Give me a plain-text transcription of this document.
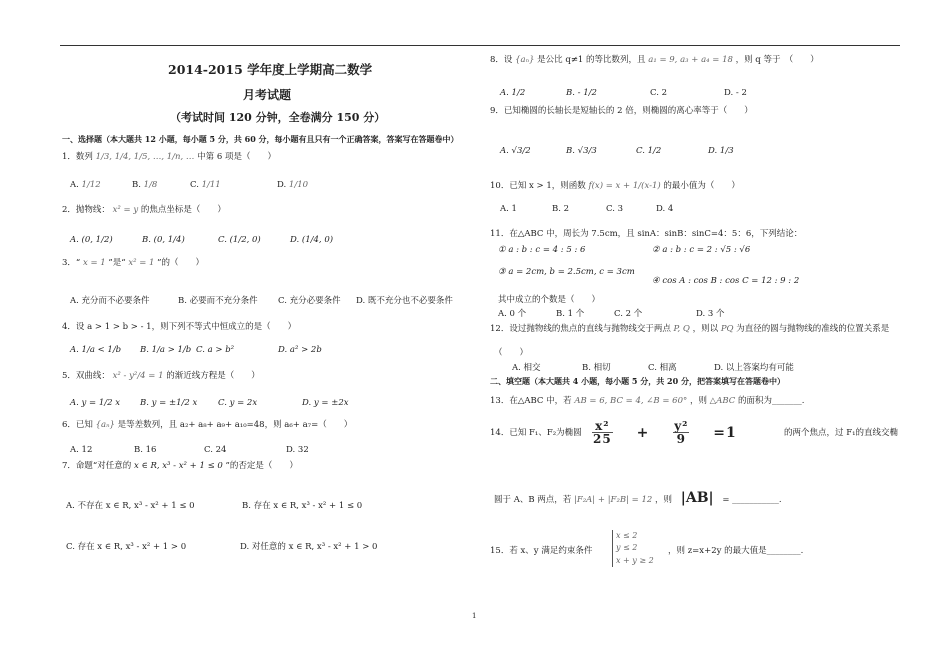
2014-2015 学年度上学期高二数学
月考试题
（考试时间 120 分钟，全卷满分 150 分）
一、选择题（本大题共 12 小题，每小题 5 分，共 60 分，每小题有且只有一个正确答案，答案写在答题卷中）
1．数列 1/3, 1/4, 1/5, …, 1/n, … 中第 6 项是（　　）
A. 1/12	B. 1/8	C. 1/11	D. 1/10
2．抛物线： x² = y 的焦点坐标是（　　）
A. (0, 1/2)	B. (0, 1/4)	C. (1/2, 0)	D. (1/4, 0)
3．“ x = 1 ”是“ x² = 1 ”的（　　）
A. 充分而不必要条件	B. 必要而不充分条件 C. 充分必要条件 D. 既不充分也不必要条件
4．设 a > 1 > b > - 1，则下列不等式中恒成立的是（　　）
A. 1/a < 1/b B. 1/a > 1/b C. a > b²	D. a² > 2b
5．双曲线： x² - y²/4 = 1 的渐近线方程是（　　）
A. y = 1/2 x B. y = ±1/2 x C. y = 2x	D. y = ±2x
6．已知 {aₙ} 是等差数列，且 a₂+ a₈+ a₉+ a₁₀=48，则 a₆+ a₇=（　　）
A. 12	B. 16	C. 24	D. 32
7．命题“对任意的 x ∈ R, x³ - x² + 1 ≤ 0 ”的否定是（　　）
A. 不存在 x ∈ R, x³ - x² + 1 ≤ 0	B. 存在 x ∈ R, x³ - x² + 1 ≤ 0
C. 存在 x ∈ R, x³ - x² + 1 > 0	D. 对任意的 x ∈ R, x³ - x² + 1 > 0
8．设 {aₙ} 是公比 q≠1 的等比数列，且 a₁ = 9, a₃ + a₄ = 18 ，则 q 等于　（　　）
A. 1/2	B. - 1/2	C. 2	D. - 2
9．已知椭圆的长轴长是短轴长的 2 倍，则椭圆的离心率等于（　　）
A. √3/2	B. √3/3	C. 1/2	D. 1/3
10．已知 x > 1，则函数 f(x) = x + 1/(x-1) 的最小值为（　　）
A. 1	B. 2	C. 3	D. 4
11．在△ABC 中，周长为 7.5cm，且 sinA：sinB：sinC=4：5：6，下列结论：
① a : b : c = 4 : 5 : 6	② a : b : c = 2 : √5 : √6
③ a = 2cm, b = 2.5cm, c = 3cm
④ cos A : cos B : cos C = 12 : 9 : 2
其中成立的个数是（　　）
A. 0 个	B. 1 个	C. 2 个	D. 3 个
12．设过抛物线的焦点的直线与抛物线交于两点 P, Q ，则以 PQ 为直径的圆与抛物线的准线的位置关系是
（　　）
A. 相交	B. 相切	C. 相离	D. 以上答案均有可能
二、填空题（本大题共 4 小题，每小题 5 分，共 20 分，把答案填写在答题卷中）
13．在△ABC 中，若 AB = 6, BC = 4, ∠B = 60° ，则 △ABC 的面积为_______.
14．已知 F₁、F₂为椭圆 $\frac{\text{x²}}{25} + \frac{\text{y²}}{9} =1$	的两个焦点，过 F₁的直线交椭
圆于 A、B 两点，若 |F₂A| + |F₂B| = 12 ，则 |AB| = ___________.
15．若 x、y 满足约束条件
x ≤ 2
y ≤ 2
x + y ≥ 2
，则 z=x+2y 的最大值是________.
1
